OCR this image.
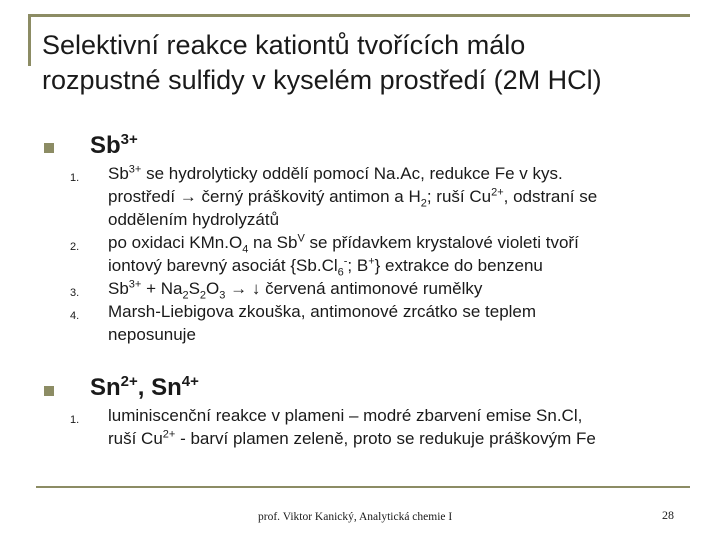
Selektivní reakce kationtů tvořících málo
rozpustné sulfidy v kyselém prostředí (2M HCl)
$Sb^{3+}$
1. $Sb^{3+}$ se hydrolyticky oddělí pomocí Na.Ac, redukce Fe v kys.
prostředí → černý práškovitý antimon a $H_2$; ruší $Cu^{2+}$, odstraní se
oddělením hydrolyzátů
2. po oxidaci $KMn.O_4$ na $Sb^V$ se přídavkem krystalové violeti tvoří
iontový barevný asociát {$Sb.Cl_6^-$; B+} extrakce do benzenu
3. $Sb^{3+} + Na_2S_2O_3$ → ↓ červená antimonové rumělky
4. Marsh-Liebigova zkouška, antimonové zrcátko se teplem
neposunuje
$Sn^{2+}$, $Sn^{4+}$
1. luminiscenční reakce v plameni – modré zbarvení emise Sn.Cl,
ruší $Cu^{2+}$ - barví plamen zeleně, proto se redukuje práškovým Fe
prof. Viktor Kanický, Analytická chemie I	28
